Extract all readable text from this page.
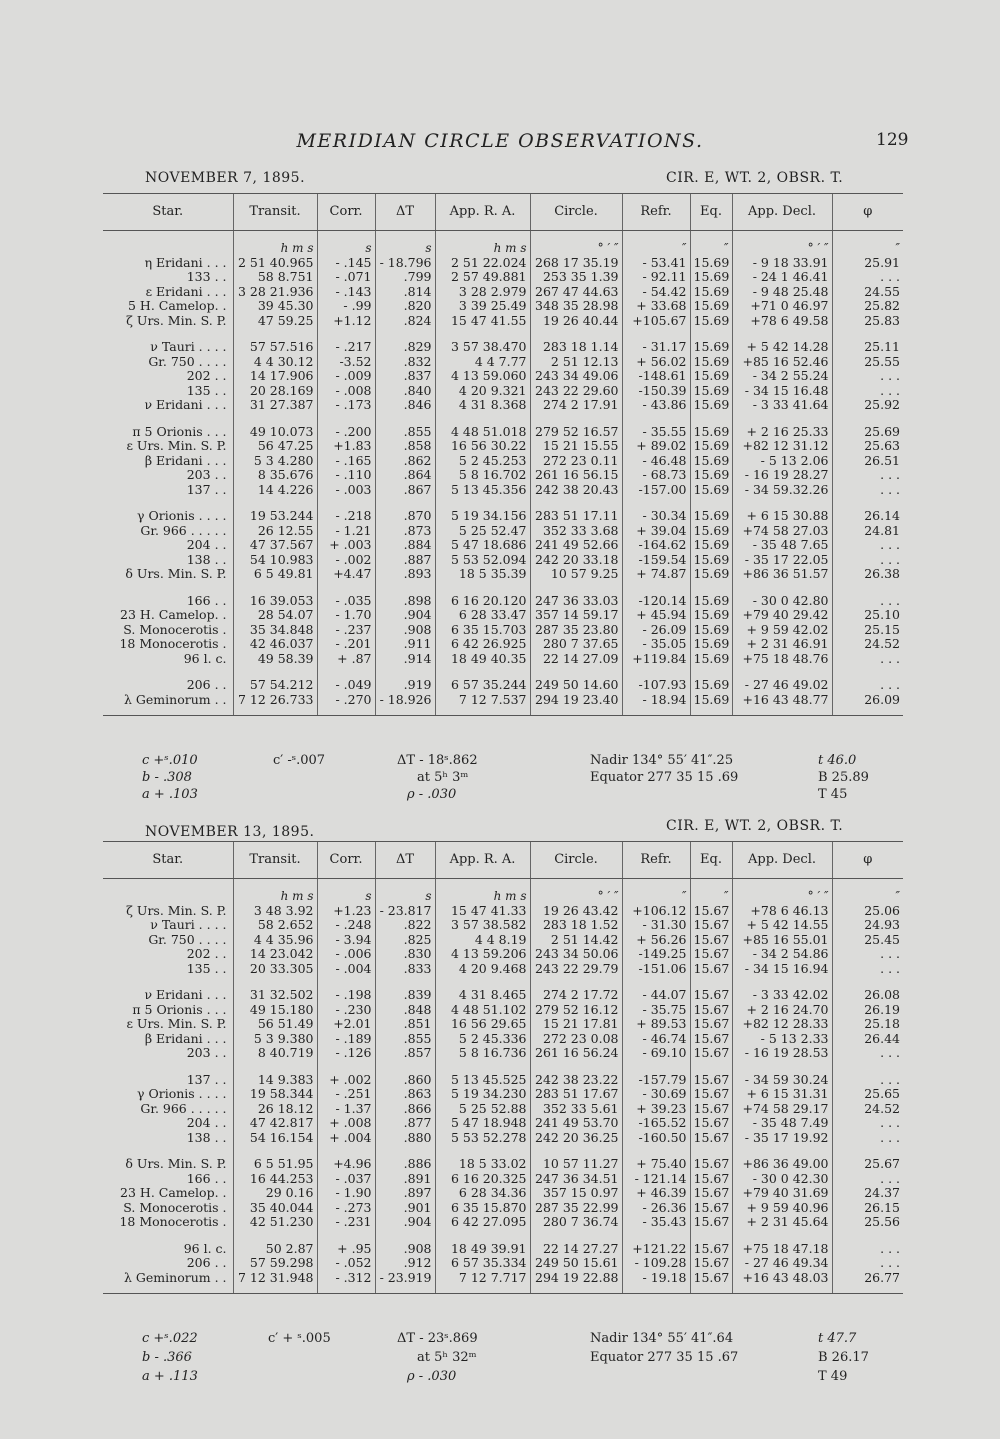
MERIDIAN CIRCLE OBSERVATIONS.	129
NOVEMBER 7, 1895.	CIR. E, WT. 2, OBSR. T.
Star.	Transit.	Corr.	ΔT	App. R. A.	Circle.	Refr.	Eq.	App. Decl.	φ
	h m s	s	s	h m s	° ′ ″	″	″	° ′ ″	″
η Eridani . . .	2 51 40.965	- .145	- 18.796	2 51 22.024	268 17 35.19	- 53.41	15.69	- 9 18 33.91	25.91
133 . .	58 8.751	- .071	.799	2 57 49.881	253 35 1.39	- 92.11	15.69	- 24 1 46.41	. . .
ε Eridani . . .	3 28 21.936	- .143	.814	3 28 2.979	267 47 44.63	- 54.42	15.69	- 9 48 25.48	24.55
5 H. Camelop. .	39 45.30	- .99	.820	3 39 25.49	348 35 28.98	+ 33.68	15.69	+71 0 46.97	25.82
ζ Urs. Min. S. P.	47 59.25	+1.12	.824	15 47 41.55	19 26 40.44	+105.67	15.69	+78 6 49.58	25.83
ν Tauri . . . .	57 57.516	- .217	.829	3 57 38.470	283 18 1.14	- 31.17	15.69	+ 5 42 14.28	25.11
Gr. 750 . . . .	4 4 30.12	-3.52	.832	4 4 7.77	2 51 12.13	+ 56.02	15.69	+85 16 52.46	25.55
202 . .	14 17.906	- .009	.837	4 13 59.060	243 34 49.06	-148.61	15.69	- 34 2 55.24	. . .
135 . .	20 28.169	- .008	.840	4 20 9.321	243 22 29.60	-150.39	15.69	- 34 15 16.48	. . .
ν Eridani . . .	31 27.387	- .173	.846	4 31 8.368	274 2 17.91	- 43.86	15.69	- 3 33 41.64	25.92
π 5 Orionis . . .	49 10.073	- .200	.855	4 48 51.018	279 52 16.57	- 35.55	15.69	+ 2 16 25.33	25.69
ε Urs. Min. S. P.	56 47.25	+1.83	.858	16 56 30.22	15 21 15.55	+ 89.02	15.69	+82 12 31.12	25.63
β Eridani . . .	5 3 4.280	- .165	.862	5 2 45.253	272 23 0.11	- 46.48	15.69	- 5 13 2.06	26.51
203 . .	8 35.676	- .110	.864	5 8 16.702	261 16 56.15	- 68.73	15.69	- 16 19 28.27	. . .
137 . .	14 4.226	- .003	.867	5 13 45.356	242 38 20.43	-157.00	15.69	- 34 59.32.26	. . .
γ Orionis . . . .	19 53.244	- .218	.870	5 19 34.156	283 51 17.11	- 30.34	15.69	+ 6 15 30.88	26.14
Gr. 966 . . . . .	26 12.55	- 1.21	.873	5 25 52.47	352 33 3.68	+ 39.04	15.69	+74 58 27.03	24.81
204 . .	47 37.567	+ .003	.884	5 47 18.686	241 49 52.66	-164.62	15.69	- 35 48 7.65	. . .
138 . .	54 10.983	- .002	.887	5 53 52.094	242 20 33.18	-159.54	15.69	- 35 17 22.05	. . .
δ Urs. Min. S. P.	6 5 49.81	+4.47	.893	18 5 35.39	10 57 9.25	+ 74.87	15.69	+86 36 51.57	26.38
166 . .	16 39.053	- .035	.898	6 16 20.120	247 36 33.03	-120.14	15.69	- 30 0 42.80	. . .
23 H. Camelop. .	28 54.07	- 1.70	.904	6 28 33.47	357 14 59.17	+ 45.94	15.69	+79 40 29.42	25.10
S. Monocerotis .	35 34.848	- .237	.908	6 35 15.703	287 35 23.80	- 26.09	15.69	+ 9 59 42.02	25.15
18 Monocerotis .	42 46.037	- .201	.911	6 42 26.925	280 7 37.65	- 35.05	15.69	+ 2 31 46.91	24.52
96 l. c.	49 58.39	+ .87	.914	18 49 40.35	22 14 27.09	+119.84	15.69	+75 18 48.76	. . .
206 . .	57 54.212	- .049	.919	6 57 35.244	249 50 14.60	-107.93	15.69	- 27 46 49.02	. . .
λ Geminorum . .	7 12 26.733	- .270	- 18.926	7 12 7.537	294 19 23.40	- 18.94	15.69	+16 43 48.77	26.09
c +ˢ.010
b - .308
a + .103
c′ -ˢ.007	ΔT - 18ˢ.862
at 5ʰ 3ᵐ
ρ - .030
Nadir 134° 55′ 41″.25
Equator 277 35 15 .69
t 46.0
B 25.89
T 45
NOVEMBER 13, 1895.	CIR. E, WT. 2, OBSR. T.
Star.	Transit.	Corr.	ΔT	App. R. A.	Circle.	Refr.	Eq.	App. Decl.	φ
	h m s	s	s	h m s	° ′ ″	″	″	° ′ ″	″
ζ Urs. Min. S. P.	3 48 3.92	+1.23	- 23.817	15 47 41.33	19 26 43.42	+106.12	15.67	+78 6 46.13	25.06
ν Tauri . . . .	58 2.652	- .248	.822	3 57 38.582	283 18 1.52	- 31.30	15.67	+ 5 42 14.55	24.93
Gr. 750 . . . .	4 4 35.96	- 3.94	.825	4 4 8.19	2 51 14.42	+ 56.26	15.67	+85 16 55.01	25.45
202 . .	14 23.042	- .006	.830	4 13 59.206	243 34 50.06	-149.25	15.67	- 34 2 54.86	. . .
135 . .	20 33.305	- .004	.833	4 20 9.468	243 22 29.79	-151.06	15.67	- 34 15 16.94	. . .
ν Eridani . . .	31 32.502	- .198	.839	4 31 8.465	274 2 17.72	- 44.07	15.67	- 3 33 42.02	26.08
π 5 Orionis . . .	49 15.180	- .230	.848	4 48 51.102	279 52 16.12	- 35.75	15.67	+ 2 16 24.70	26.19
ε Urs. Min. S. P.	56 51.49	+2.01	.851	16 56 29.65	15 21 17.81	+ 89.53	15.67	+82 12 28.33	25.18
β Eridani . . .	5 3 9.380	- .189	.855	5 2 45.336	272 23 0.08	- 46.74	15.67	- 5 13 2.33	26.44
203 . .	8 40.719	- .126	.857	5 8 16.736	261 16 56.24	- 69.10	15.67	- 16 19 28.53	. . .
137 . .	14 9.383	+ .002	.860	5 13 45.525	242 38 23.22	-157.79	15.67	- 34 59 30.24	. . .
γ Orionis . . . .	19 58.344	- .251	.863	5 19 34.230	283 51 17.67	- 30.69	15.67	+ 6 15 31.31	25.65
Gr. 966 . . . . .	26 18.12	- 1.37	.866	5 25 52.88	352 33 5.61	+ 39.23	15.67	+74 58 29.17	24.52
204 . .	47 42.817	+ .008	.877	5 47 18.948	241 49 53.70	-165.52	15.67	- 35 48 7.49	. . .
138 . .	54 16.154	+ .004	.880	5 53 52.278	242 20 36.25	-160.50	15.67	- 35 17 19.92	. . .
δ Urs. Min. S. P.	6 5 51.95	+4.96	.886	18 5 33.02	10 57 11.27	+ 75.40	15.67	+86 36 49.00	25.67
166 . .	16 44.253	- .037	.891	6 16 20.325	247 36 34.51	- 121.14	15.67	- 30 0 42.30	. . .
23 H. Camelop. .	29 0.16	- 1.90	.897	6 28 34.36	357 15 0.97	+ 46.39	15.67	+79 40 31.69	24.37
S. Monocerotis .	35 40.044	- .273	.901	6 35 15.870	287 35 22.99	- 26.36	15.67	+ 9 59 40.96	26.15
18 Monocerotis .	42 51.230	- .231	.904	6 42 27.095	280 7 36.74	- 35.43	15.67	+ 2 31 45.64	25.56
96 l. c.	50 2.87	+ .95	.908	18 49 39.91	22 14 27.27	+121.22	15.67	+75 18 47.18	. . .
206 . .	57 59.298	- .052	.912	6 57 35.334	249 50 15.61	- 109.28	15.67	- 27 46 49.34	. . .
λ Geminorum . .	7 12 31.948	- .312	- 23.919	7 12 7.717	294 19 22.88	- 19.18	15.67	+16 43 48.03	26.77
c +ˢ.022
b - .366
a + .113
c′ + ˢ.005	ΔT - 23ˢ.869
at 5ʰ 32ᵐ
ρ - .030
Nadir 134° 55′ 41″.64
Equator 277 35 15 .67
t 47.7
B 26.17
T 49
